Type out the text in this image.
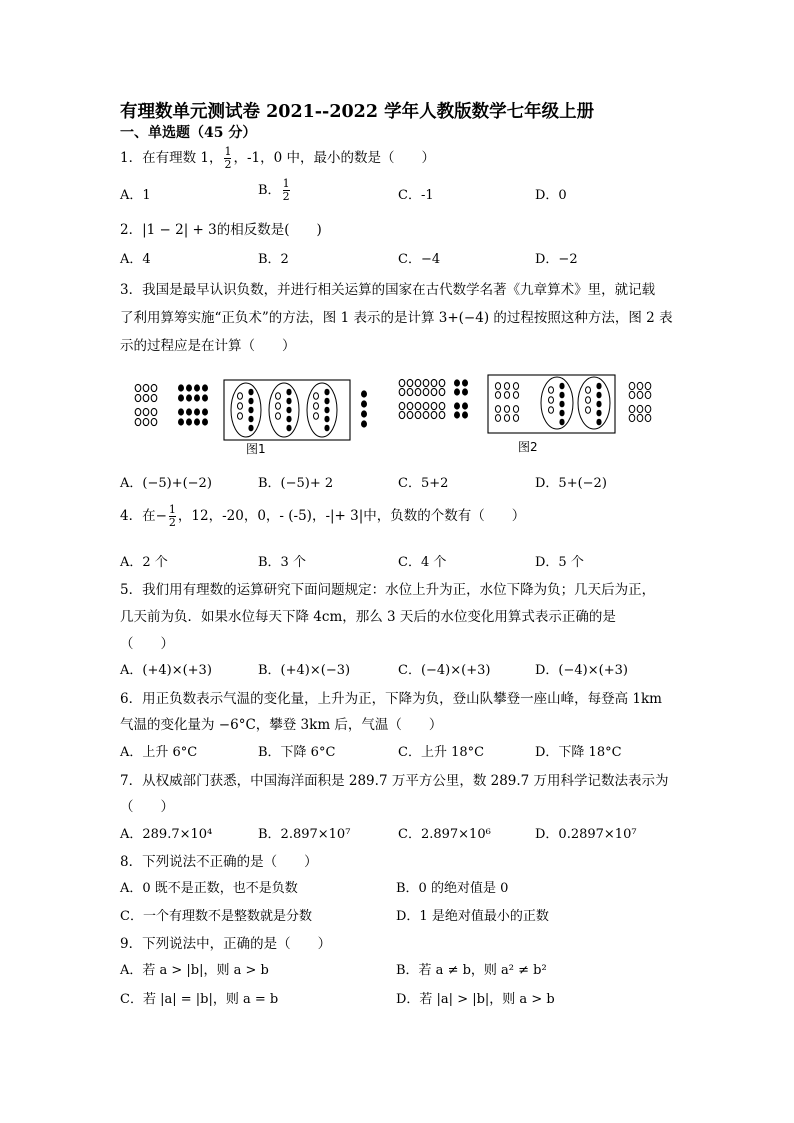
有理数单元测试卷 2021--2022 学年人教版数学七年级上册
一、单选题（45 分）
1．在有理数 1， $\frac{1}{2}$ ，-1，0 中，最小的数是（　　）
A．1	B． $\frac{1}{2}$	C．-1	D．0
2．|1 − 2| + 3的相反数是(　　)
A．4	B．2	C．−4	D．−2
3．我国是最早认识负数，并进行相关运算的国家在古代数学名著《九章算术》里，就记载
了利用算筹实施“正负术”的方法，图 1 表示的是计算 3+(−4) 的过程按照这种方法，图 2 表
示的过程应是在计算（　　）
图1	图2
A．(−5)+(−2)	B．(−5)+ 2	C．5+2	D．5+(−2)
4．在− $\frac{1}{2}$ ，12，-20，0，- (-5)，-|+ 3|中，负数的个数有（　　）
A．2 个	B．3 个	C．4 个	D．5 个
5．我们用有理数的运算研究下面问题规定：水位上升为正，水位下降为负；几天后为正，
几天前为负．如果水位每天下降 4cm，那么 3 天后的水位变化用算式表示正确的是
（　　）
A．(+4)×(+3)	B．(+4)×(−3)	C．(−4)×(+3)	D．(−4)×(+3)
6．用正负数表示气温的变化量，上升为正，下降为负，登山队攀登一座山峰，每登高 1km
气温的变化量为 −6°C，攀登 3km 后，气温（　　）
A．上升 6°C	B．下降 6°C	C．上升 18°C	D．下降 18°C
7．从权威部门获悉，中国海洋面积是 289.7 万平方公里，数 289.7 万用科学记数法表示为
（　　）
A．289.7×10⁴	B．2.897×10⁷	C．2.897×10⁶	D．0.2897×10⁷
8．下列说法不正确的是（　　）
A．0 既不是正数，也不是负数	B．0 的绝对值是 0
C．一个有理数不是整数就是分数	D．1 是绝对值最小的正数
9．下列说法中，正确的是（　　）
A．若 a > |b|，则 a > b	B．若 a ≠ b，则 a² ≠ b²
C．若 |a| = |b|，则 a = b	D．若 |a| > |b|，则 a > b
